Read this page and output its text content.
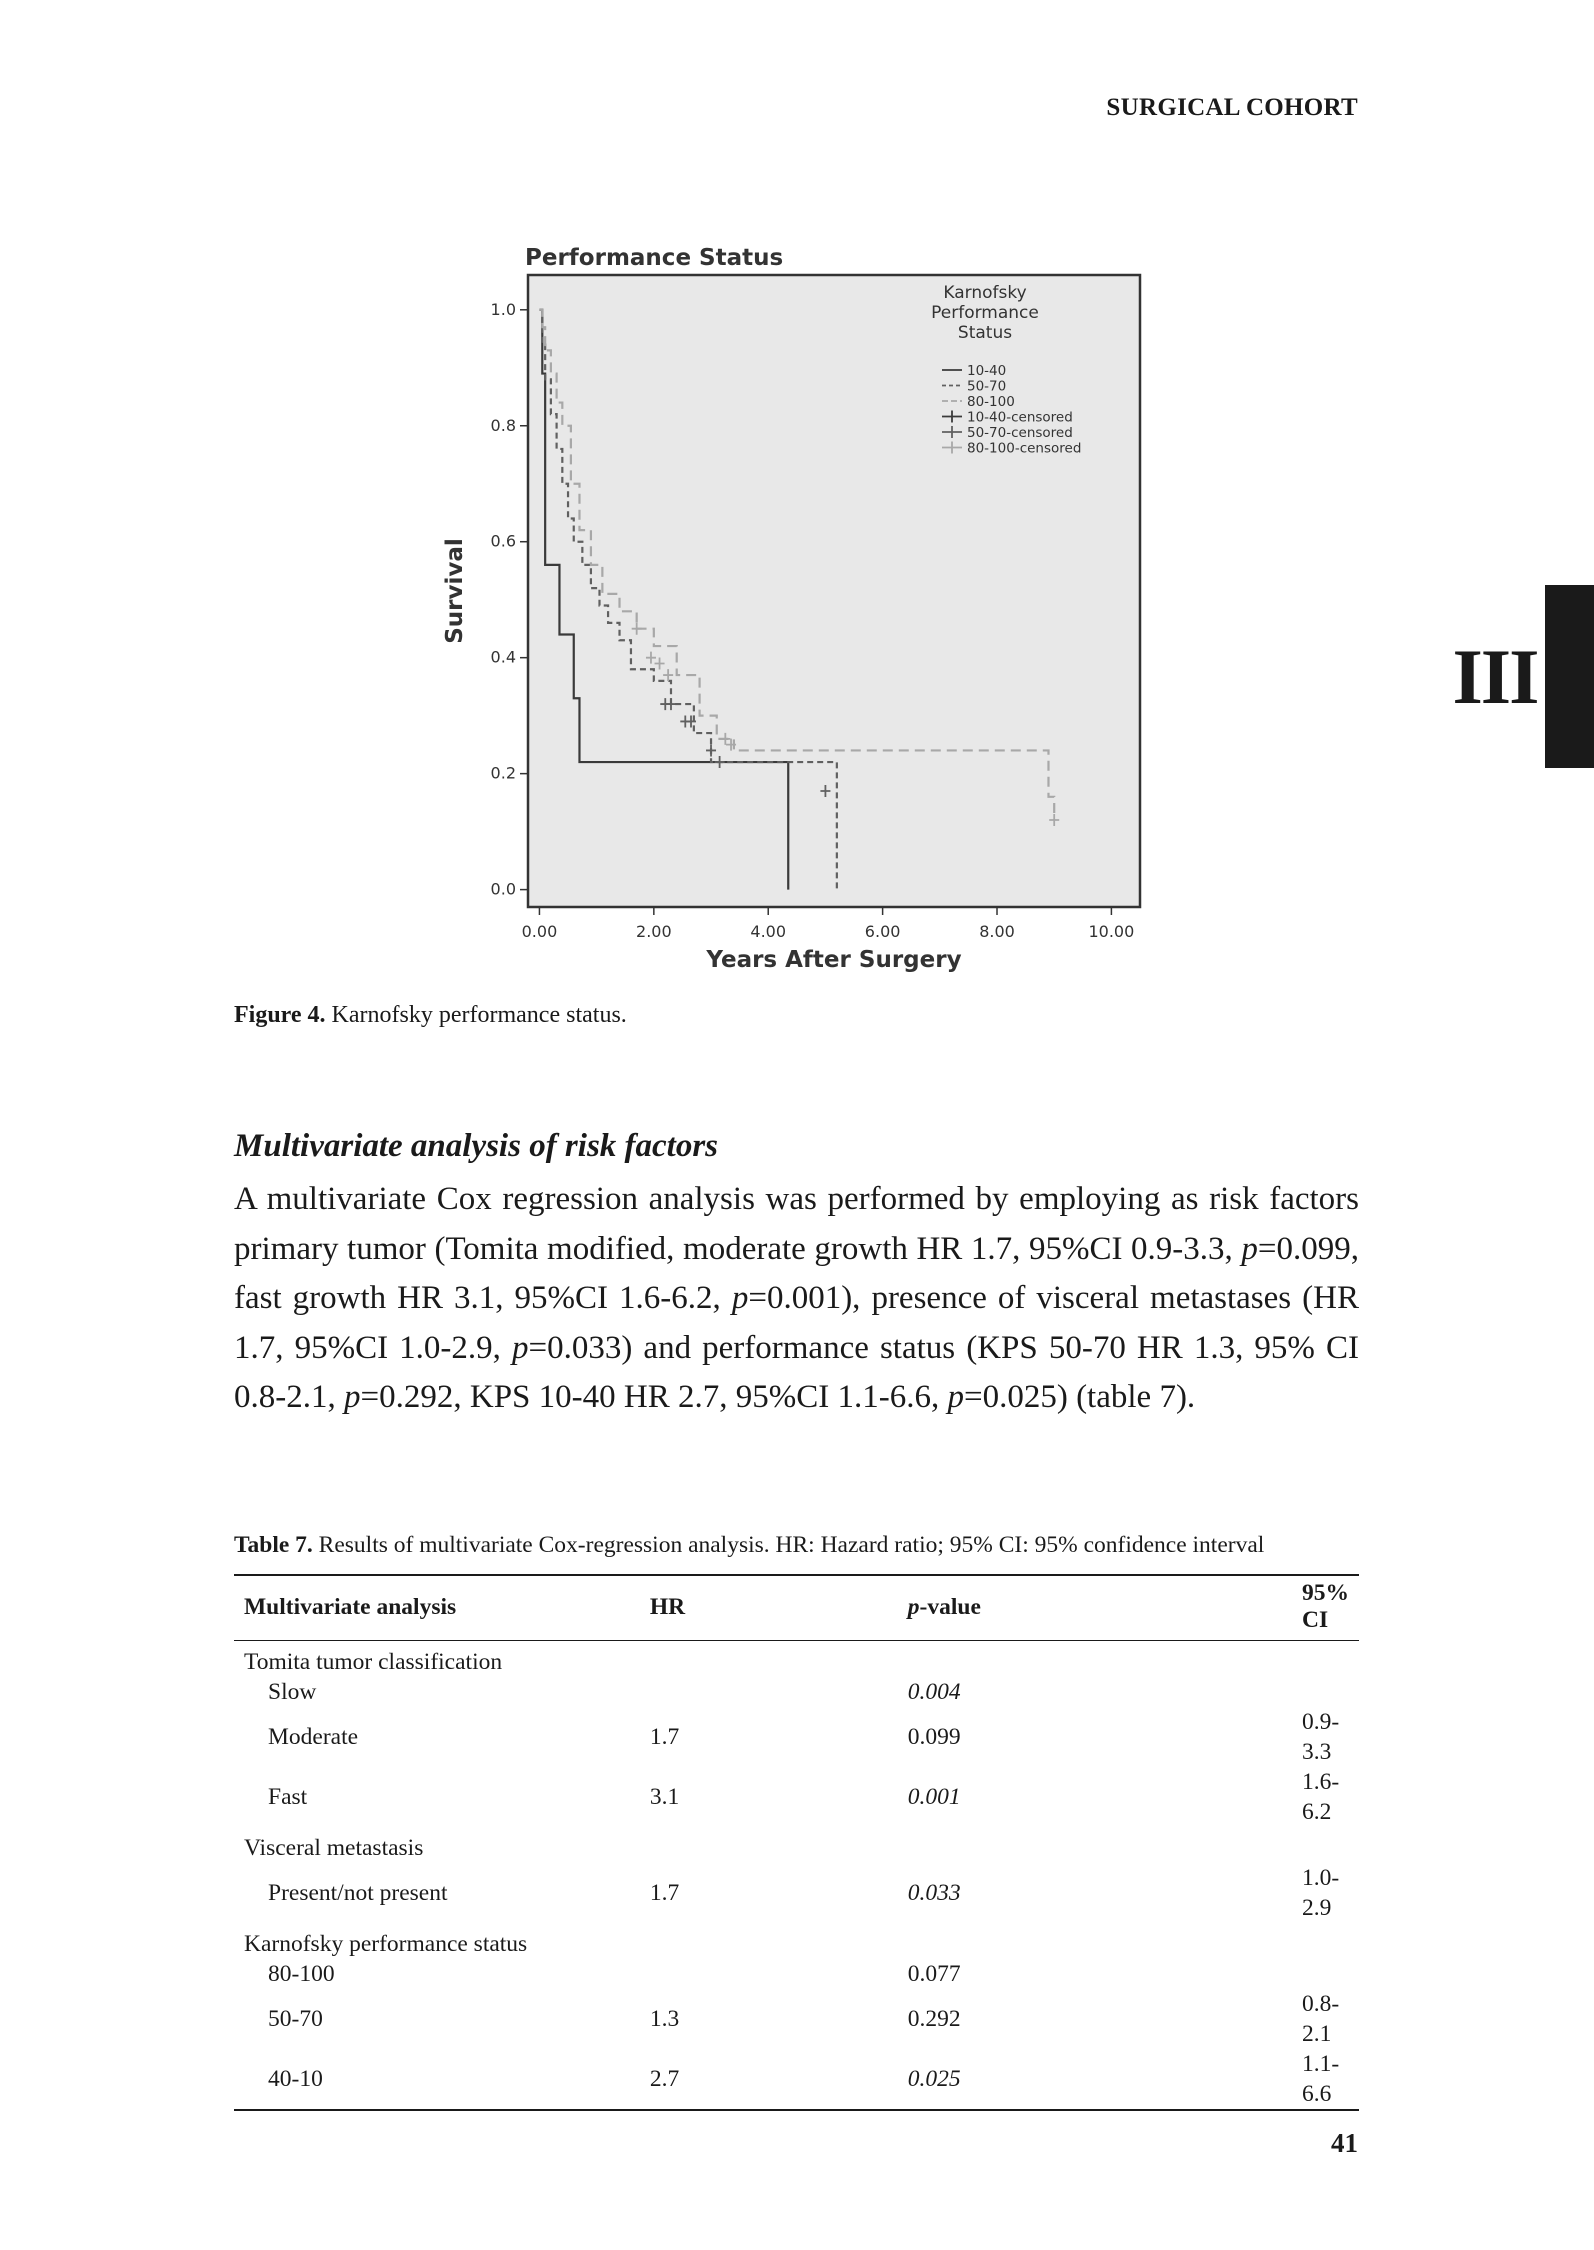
SURGICAL COHORT
III
Performance Status
Years After Surgery
Survival
0.00	2.00	4.00	6.00	8.00	10.00
0.0
0.2
0.4
0.6
0.8
1.0
Karnofsky
Performance
Status
10-40
50-70
80-100
10-40-censored
50-70-censored
80-100-censored
Figure 4. Karnofsky performance status.
Multivariate analysis of risk factors

A multivariate Cox regression analysis was performed by employing as risk factors primary tumor (Tomita modified, moderate growth HR 1.7, 95%CI 0.9-3.3, p=0.099, fast growth HR 3.1, 95%CI 1.6-6.2, p=0.001), presence of visceral metastases (HR 1.7, 95%CI 1.0-2.9, p=0.033) and performance status (KPS 50-70 HR 1.3, 95% CI 0.8-2.1, p=0.292, KPS 10-40 HR 2.7, 95%CI 1.1-6.6, p=0.025) (table 7).

Table 7. Results of multivariate Cox-regression analysis. HR: Hazard ratio; 95% CI: 95% confidence interval
Multivariate analysis	HR	p-value	95% CI
Tomita tumor classification			
Slow		0.004	
Moderate	1.7	0.099	0.9-3.3
Fast	3.1	0.001	1.6-6.2
Visceral metastasis			
Present/not present	1.7	0.033	1.0-2.9
Karnofsky performance status			
80-100		0.077	
50-70	1.3	0.292	0.8-2.1
40-10	2.7	0.025	1.1-6.6
41
